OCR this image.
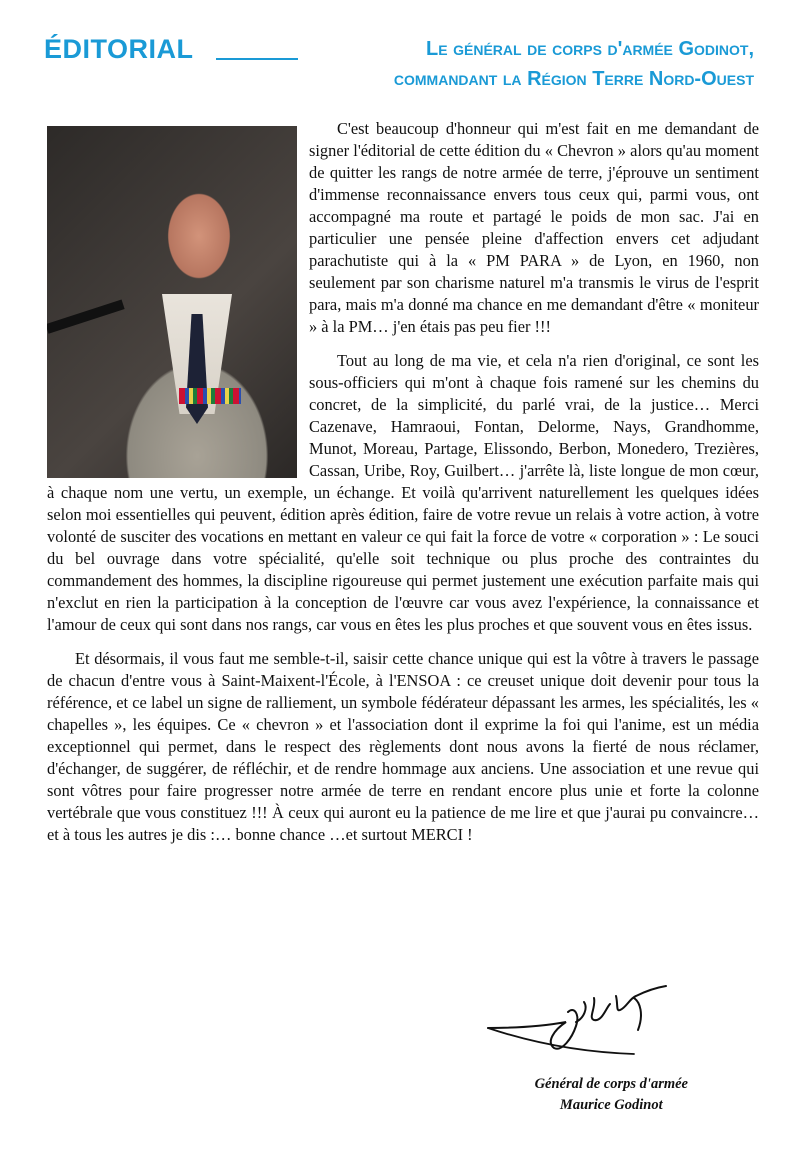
ÉDITORIAL	Le général de corps d'armée Godinot,
commandant la Région Terre Nord-Ouest

C'est beaucoup d'honneur qui m'est fait en me demandant de signer l'éditorial de cette édition du « Chevron » alors qu'au moment de quitter les rangs de notre armée de terre, j'éprouve un sentiment d'immense reconnaissance envers tous ceux qui, parmi vous, ont accompagné ma route et partagé le poids de mon sac. J'ai en particulier une pensée pleine d'affection envers cet adjudant parachutiste qui à la « PM PARA » de Lyon, en 1960, non seulement par son charisme naturel m'a transmis le virus de l'esprit para, mais m'a donné ma chance en me demandant d'être « moniteur » à la PM… j'en étais pas peu fier !!!

Tout au long de ma vie, et cela n'a rien d'original, ce sont les sous-officiers qui m'ont à chaque fois ramené sur les chemins du concret, de la simplicité, du parlé vrai, de la justice… Merci Cazenave, Hamraoui, Fontan, Delorme, Nays, Grandhomme, Munot, Moreau, Partage, Elissondo, Berbon, Monedero, Trezières, Cassan, Uribe, Roy, Guilbert… j'arrête là, liste longue de mon cœur, à chaque nom une vertu, un exemple, un échange. Et voilà qu'arrivent naturellement les quelques idées selon moi essentielles qui peuvent, édition après édition, faire de votre revue un relais à votre action, à votre volonté de susciter des vocations en mettant en valeur ce qui fait la force de votre « corporation » : Le souci du bel ouvrage dans votre spécialité, qu'elle soit technique ou plus proche des contraintes du commandement des hommes, la discipline rigoureuse qui permet justement une exécution parfaite mais qui n'exclut en rien la participation à la conception de l'œuvre car vous avez l'expérience, la connaissance et l'amour de ceux qui sont dans nos rangs, car vous en êtes les plus proches et que souvent vous en êtes issus.

Et désormais, il vous faut me semble-t-il, saisir cette chance unique qui est la vôtre à travers le passage de chacun d'entre vous à Saint-Maixent-l'École, à l'ENSOA : ce creuset unique doit devenir pour tous la référence, et ce label un signe de ralliement, un symbole fédérateur dépassant les armes, les spécialités, les « chapelles », les équipes. Ce « chevron » et l'association dont il exprime la foi qui l'anime, est un média exceptionnel qui permet, dans le respect des règlements dont nous avons la fierté de nous réclamer, d'échanger, de suggérer, de réfléchir, et de rendre hommage aux anciens. Une association et une revue qui sont vôtres pour faire progresser notre armée de terre en rendant encore plus unie et forte la colonne vertébrale que vous constituez !!! À ceux qui auront eu la patience de me lire et que j'aurai pu convaincre…et à tous les autres je dis :… bonne chance …et surtout MERCI !

Général de corps d'armée
Maurice Godinot
